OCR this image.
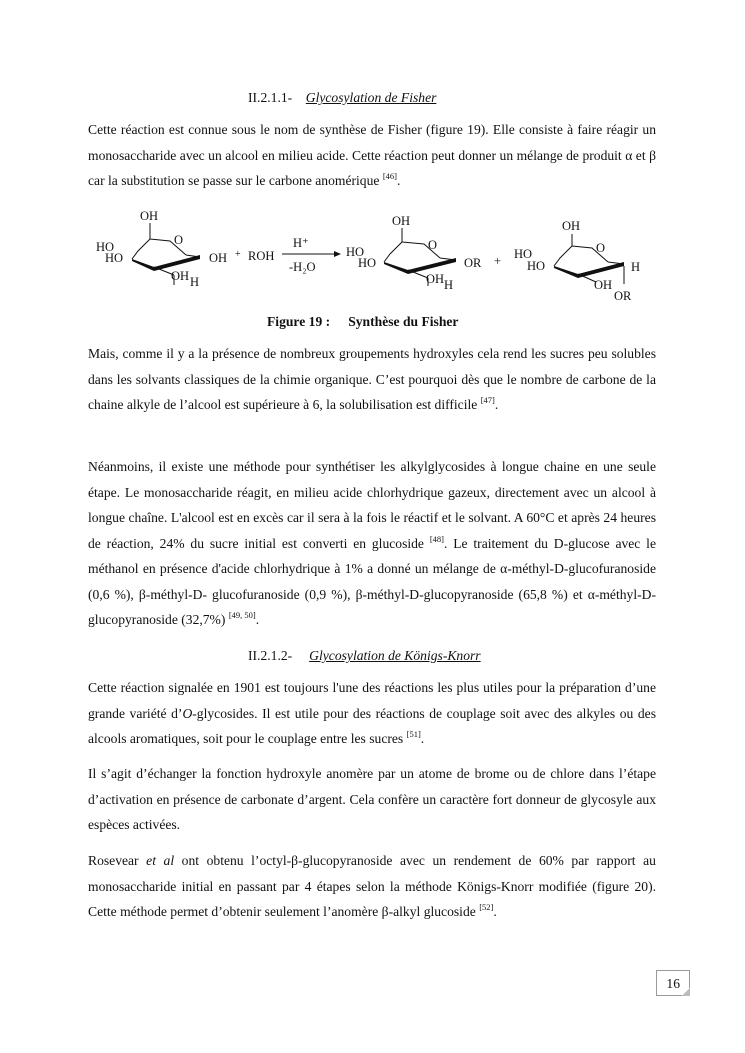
II.2.1.1- Glycosylation de Fisher

Cette réaction est connue sous le nom de synthèse de Fisher (figure 19). Elle consiste à faire réagir un monosaccharide avec un alcool en milieu acide. Cette réaction peut donner un mélange de produit α et β car la substitution se passe sur le carbone anomérique [46].

OH
O
HO
HO	OH
OH H
+ ROH
H⁺
-H₂O
OH
O
HO
HO	OR
OH H
+
OH
O
HO
HO	H
OH
OR
Figure 19 : Synthèse du Fisher

Mais, comme il y a la présence de nombreux groupements hydroxyles cela rend les sucres peu solubles dans les solvants classiques de la chimie organique. C’est pourquoi dès que le nombre de carbone de la chaine alkyle de l’alcool est supérieure à 6, la solubilisation est difficile [47].

Néanmoins, il existe une méthode pour synthétiser les alkylglycosides à longue chaine en une seule étape. Le monosaccharide réagit, en milieu acide chlorhydrique gazeux, directement avec un alcool à longue chaîne. L'alcool est en excès car il sera à la fois le réactif et le solvant. A 60°C et après 24 heures de réaction, 24% du sucre initial est converti en glucoside [48]. Le traitement du D-glucose avec le méthanol en présence d'acide chlorhydrique à 1% a donné un mélange de α-méthyl-D-glucofuranoside (0,6 %), β-méthyl-D- glucofuranoside (0,9 %), β-méthyl-D-glucopyranoside (65,8 %) et α-méthyl-D- glucopyranoside (32,7%) [49, 50].

II.2.1.2- Glycosylation de Königs-Knorr

Cette réaction signalée en 1901 est toujours l'une des réactions les plus utiles pour la préparation d’une grande variété d’O-glycosides. Il est utile pour des réactions de couplage soit avec des alkyles ou des alcools aromatiques, soit pour le couplage entre les sucres [51].

Il s’agit d’échanger la fonction hydroxyle anomère par un atome de brome ou de chlore dans l’étape d’activation en présence de carbonate d’argent. Cela confère un caractère fort donneur de glycosyle aux espèces activées.

Rosevear et al ont obtenu l’octyl-β-glucopyranoside avec un rendement de 60% par rapport au monosaccharide initial en passant par 4 étapes selon la méthode Königs-Knorr modifiée (figure 20). Cette méthode permet d’obtenir seulement l’anomère β-alkyl glucoside [52].

16
